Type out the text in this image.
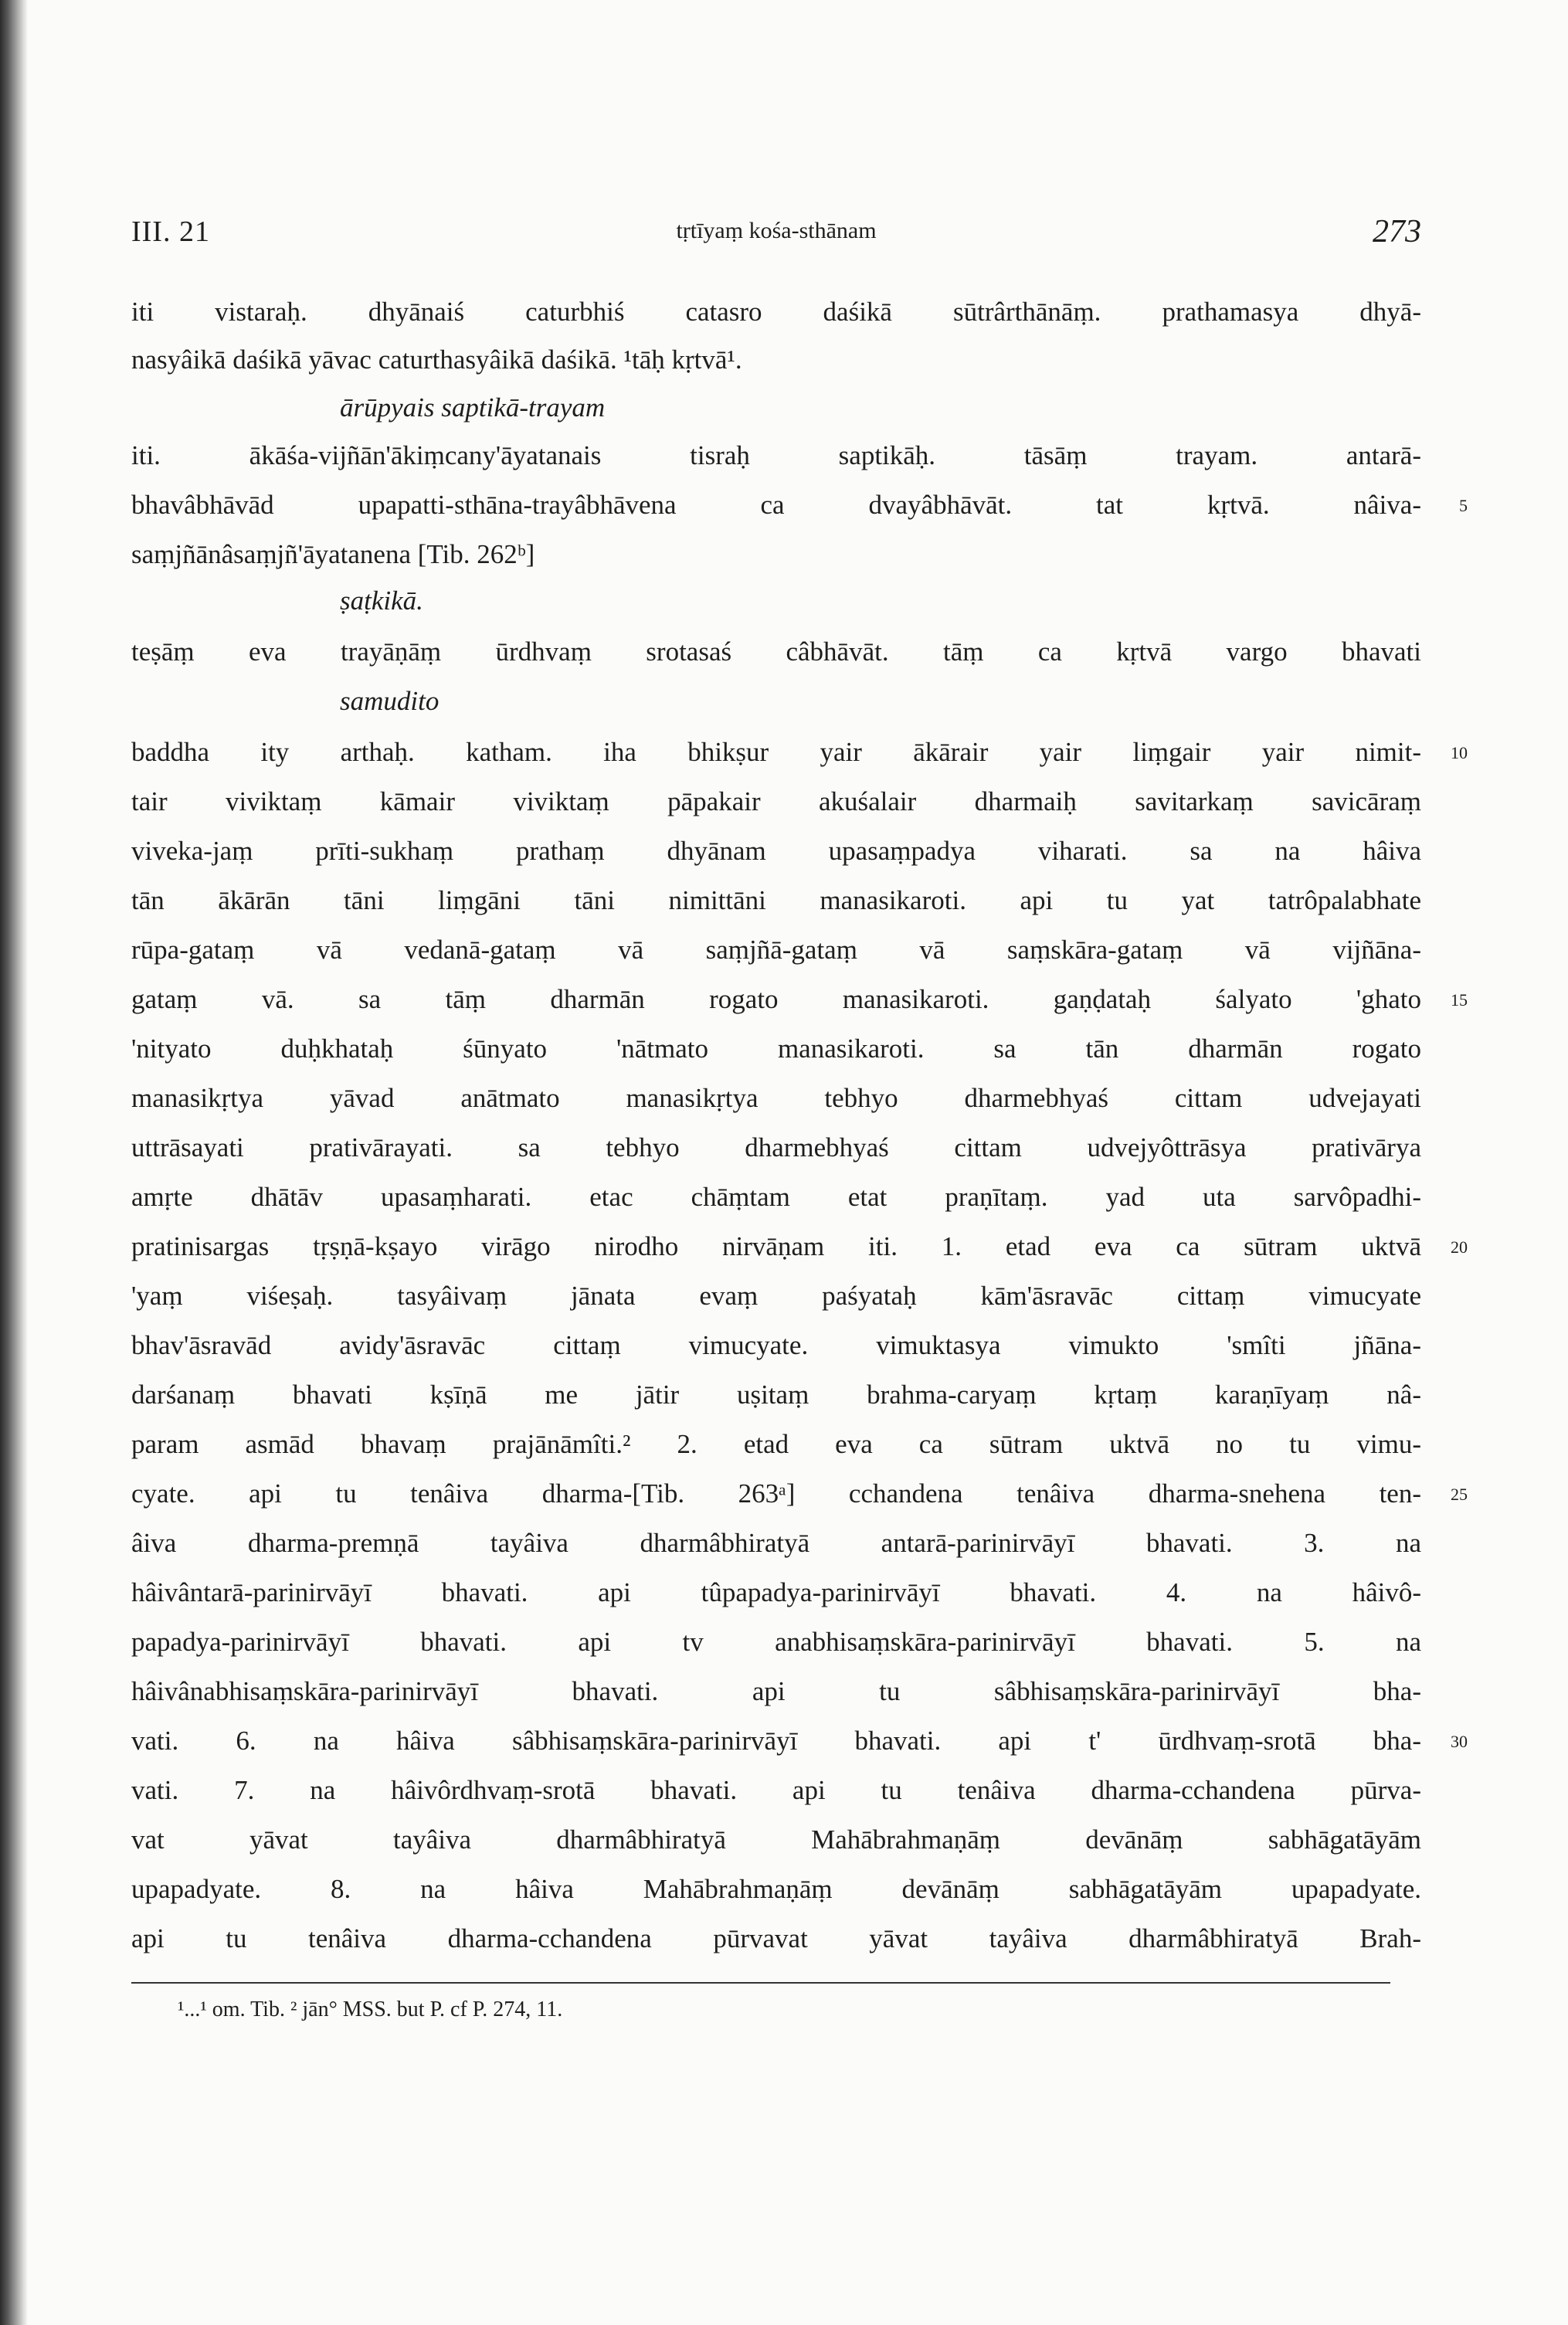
III. 21	tṛtīyaṃ kośa-sthānam	273
iti vistaraḥ. dhyānaiś caturbhiś catasro daśikā sūtrârthānāṃ. prathamasya dhyā-
nasyâikā daśikā yāvac caturthasyâikā daśikā. ¹tāḥ kṛtvā¹.
ārūpyais saptikā-trayam
iti. ākāśa-vijñān'ākiṃcany'āyatanais tisraḥ saptikāḥ. tāsāṃ trayam. antarā-
bhavâbhāvād upapatti-sthāna-trayâbhāvena ca dvayâbhāvāt. tat kṛtvā. nâiva-
saṃjñānâsaṃjñ'āyatanena [Tib. 262ᵇ]
ṣaṭkikā.
teṣāṃ eva trayāṇāṃ ūrdhvaṃ srotasaś câbhāvāt. tāṃ ca kṛtvā vargo bhavati
samudito
baddha ity arthaḥ. katham. iha bhikṣur yair ākārair yair liṃgair yair nimit-
tair viviktaṃ kāmair viviktaṃ pāpakair akuśalair dharmaiḥ savitarkaṃ savicāraṃ
viveka-jaṃ prīti-sukhaṃ prathaṃ dhyānam upasaṃpadya viharati. sa na hâiva
tān ākārān tāni liṃgāni tāni nimittāni manasikaroti. api tu yat tatrôpalabhate
rūpa-gataṃ vā vedanā-gataṃ vā saṃjñā-gataṃ vā saṃskāra-gataṃ vā vijñāna-
gataṃ vā. sa tāṃ dharmān rogato manasikaroti. gaṇḍataḥ śalyato 'ghato
'nityato duḥkhataḥ śūnyato 'nātmato manasikaroti. sa tān dharmān rogato
manasikṛtya yāvad anātmato manasikṛtya tebhyo dharmebhyaś cittam udvejayati
uttrāsayati prativārayati. sa tebhyo dharmebhyaś cittam udvejyôttrāsya prativārya
amṛte dhātāv upasaṃharati. etac chāṃtam etat praṇītaṃ. yad uta sarvôpadhi-
pratinisargas tṛṣṇā-kṣayo virāgo nirodho nirvāṇam iti. 1. etad eva ca sūtram uktvā
'yaṃ viśeṣaḥ. tasyâivaṃ jānata evaṃ paśyataḥ kām'āsravāc cittaṃ vimucyate
bhav'āsravād avidy'āsravāc cittaṃ vimucyate. vimuktasya vimukto 'smîti jñāna-
darśanaṃ bhavati kṣīṇā me jātir uṣitaṃ brahma-caryaṃ kṛtaṃ karaṇīyaṃ nâ-
param asmād bhavaṃ prajānāmîti.² 2. etad eva ca sūtram uktvā no tu vimu-
cyate. api tu tenâiva dharma-[Tib. 263ᵃ] cchandena tenâiva dharma-snehena ten-
âiva dharma-premṇā tayâiva dharmâbhiratyā antarā-parinirvāyī bhavati. 3. na
hâivântarā-parinirvāyī bhavati. api tûpapadya-parinirvāyī bhavati. 4. na hâivô-
papadya-parinirvāyī bhavati. api tv anabhisaṃskāra-parinirvāyī bhavati. 5. na
hâivânabhisaṃskāra-parinirvāyī bhavati. api tu sâbhisaṃskāra-parinirvāyī bha-
vati. 6. na hâiva sâbhisaṃskāra-parinirvāyī bhavati. api t' ūrdhvaṃ-srotā bha-
vati. 7. na hâivôrdhvaṃ-srotā bhavati. api tu tenâiva dharma-cchandena pūrva-
vat yāvat tayâiva dharmâbhiratyā Mahābrahmaṇāṃ devānāṃ sabhāgatāyām
upapadyate. 8. na hâiva Mahābrahmaṇāṃ devānāṃ sabhāgatāyām upapadyate.
api tu tenâiva dharma-cchandena pūrvavat yāvat tayâiva dharmâbhiratyā Brah-
¹...¹ om. Tib. ² jān° MSS. but P. cf P. 274, 11.
5
10
15
20
25
30
